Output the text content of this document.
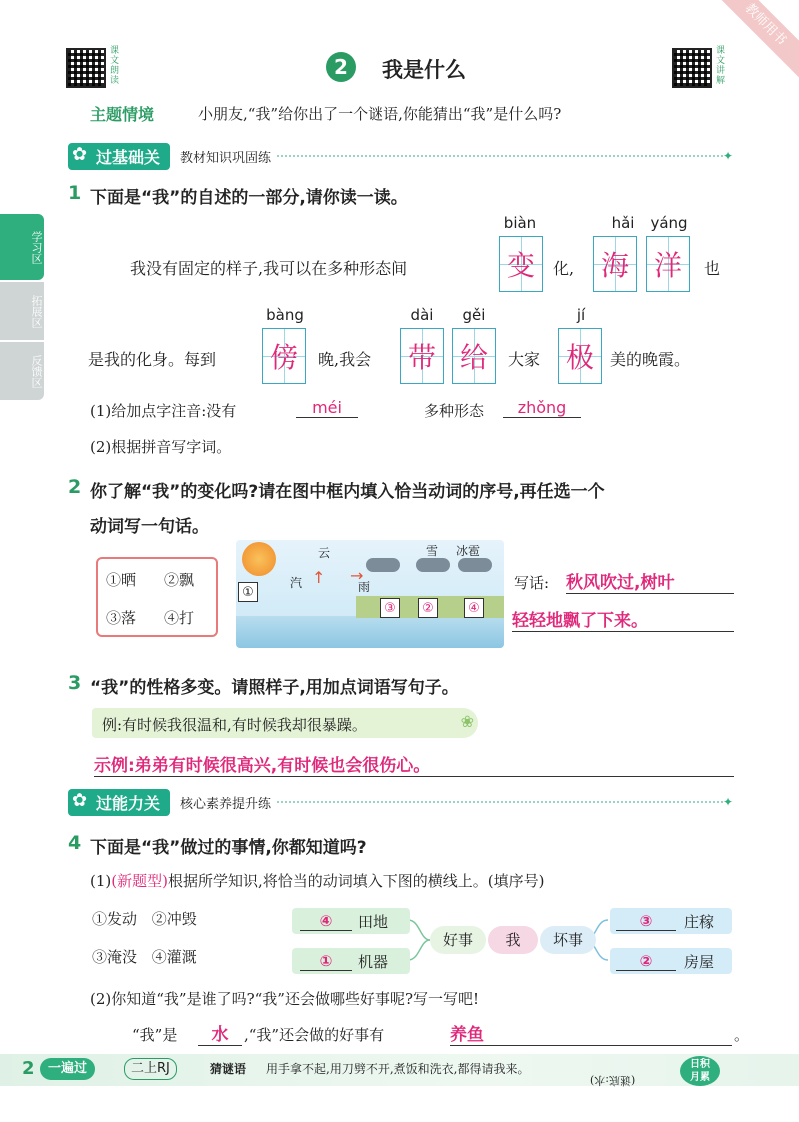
教师用书
课文朗读
2	我是什么
课文讲解
主题情境	小朋友,“我”给你出了一个谜语,你能猜出“我”是什么吗?
学习区
拓展区
反馈区
✿ 过基础关	教材知识巩固练	✦
1 下面是“我”的自述的一部分,请你读一读。
biàn	hǎi	yáng
我没有固定的样子,我可以在多种形态间	变	化, 海 洋	也
bàng	dài	gěi	jí
是我的化身。每到 傍	晚,我会 带 给	大家 极	美的晚霞。
(1)给加点字注音:没有	méi	多种形态	zhǒng
(2)根据拼音写字词。
2 你了解“我”的变化吗?请在图中框内填入恰当动词的序号,再任选一个
动词写一句话。
①晒 ②飘
③落 ④打
云	雪 冰雹
汽	雨
↑ →
①
③	②	④
写话: 秋风吹过,树叶
轻轻地飘了下来。
3 “我”的性格多变。请照样子,用加点词语写句子。
例:有时候我很温和,有时候我却很暴躁。	❀
示例:弟弟有时候很高兴,有时候也会很伤心。
✿ 过能力关	核心素养提升练	✦
4 下面是“我”做过的事情,你都知道吗?
(1)(新题型)根据所学知识,将恰当的动词填入下图的横线上。(填序号)
①发动 ②冲毁
③淹没 ④灌溉
④	田地
①	机器
好事	我	坏事
③	庄稼
②	房屋
(2)你知道“我”是谁了吗?“我”还会做哪些好事呢?写一写吧!
“我”是	水	,“我”还会做的好事有	养鱼	。
2	一遍过	二上RJ	猜谜语 用手拿不起,用刀劈不开,煮饭和洗衣,都得请我来。
(谜底:水)
日积
月累
